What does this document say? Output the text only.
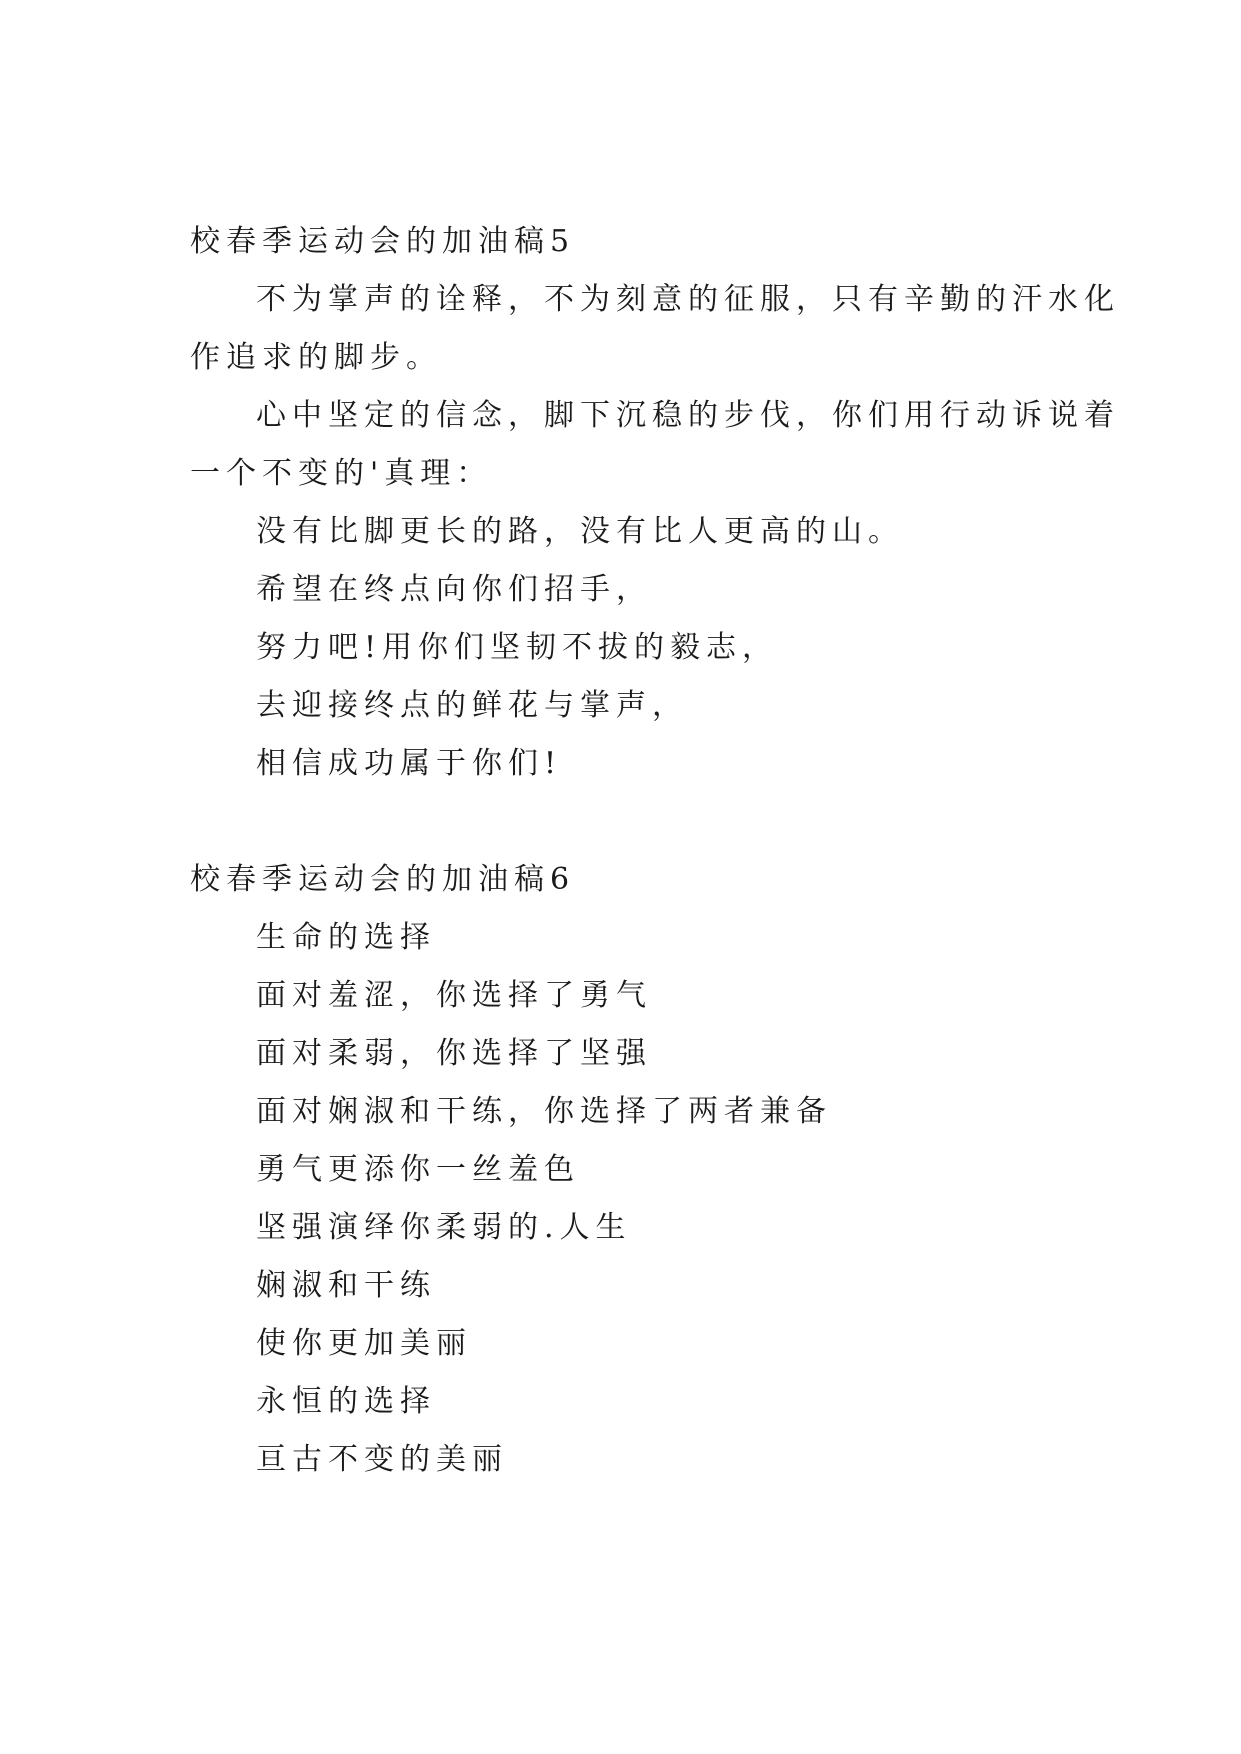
校春季运动会的加油稿5
不为掌声的诠释，不为刻意的征服，只有辛勤的汗水化
作追求的脚步。
心中坚定的信念，脚下沉稳的步伐，你们用行动诉说着
一个不变的'真理：
没有比脚更长的路，没有比人更高的山。
希望在终点向你们招手，
努力吧!用你们坚韧不拔的毅志，
去迎接终点的鲜花与掌声，
相信成功属于你们!
校春季运动会的加油稿6
生命的选择
面对羞涩，你选择了勇气
面对柔弱，你选择了坚强
面对娴淑和干练，你选择了两者兼备
勇气更添你一丝羞色
坚强演绎你柔弱的.人生
娴淑和干练
使你更加美丽
永恒的选择
亘古不变的美丽
